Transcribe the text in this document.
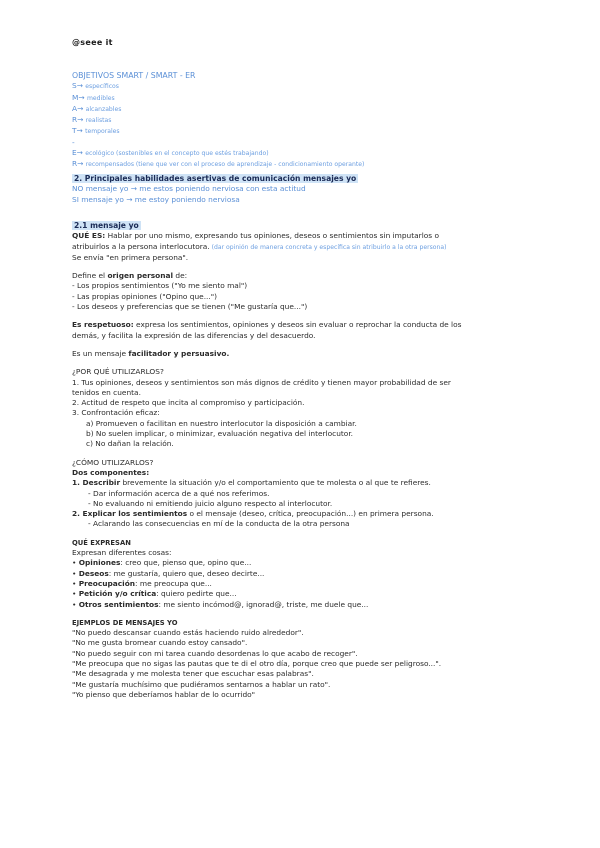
@seee it
OBJETIVOS SMART / SMART - ER
S→ específicos
M→ medibles
A→ alcanzables
R→ realistas
T→ temporales
-
E→ ecológico (sostenibles en el concepto que estés trabajando)
R→ recompensados (tiene que ver con el proceso de aprendizaje - condicionamiento operante)
2. Principales habilidades asertivas de comunicación mensajes yo
NO mensaje yo → me estos poniendo nerviosa con esta actitud
SI mensaje yo → me estoy poniendo nerviosa
2.1 mensaje yo
QUÉ ES: Hablar por uno mismo, expresando tus opiniones, deseos o sentimientos sin imputarlos o
atribuirlos a la persona interlocutora. (dar opinión de manera concreta y específica sin atribuirlo a la otra persona)
Se envía "en primera persona".
Define el origen personal de:
- Los propios sentimientos ("Yo me siento mal")
- Las propias opiniones ("Opino que...")
- Los deseos y preferencias que se tienen ("Me gustaría que...")
Es respetuoso: expresa los sentimientos, opiniones y deseos sin evaluar o reprochar la conducta de los
demás, y facilita la expresión de las diferencias y del desacuerdo.
Es un mensaje facilitador y persuasivo.
¿POR QUÉ UTILIZARLOS?
1. Tus opiniones, deseos y sentimientos son más dignos de crédito y tienen mayor probabilidad de ser
tenidos en cuenta.
2. Actitud de respeto que incita al compromiso y participación.
3. Confrontación eficaz:
a) Promueven o facilitan en nuestro interlocutor la disposición a cambiar.
b) No suelen implicar, o minimizar, evaluación negativa del interlocutor.
c) No dañan la relación.
¿CÓMO UTILIZARLOS?
Dos componentes:
1. Describir brevemente la situación y/o el comportamiento que te molesta o al que te refieres.
- Dar información acerca de a qué nos referimos.
- No evaluando ni emitiendo juicio alguno respecto al interlocutor.
2. Explicar los sentimientos o el mensaje (deseo, crítica, preocupación...) en primera persona.
- Aclarando las consecuencias en mí de la conducta de la otra persona
QUÉ EXPRESAN
Expresan diferentes cosas:
• Opiniones: creo que, pienso que, opino que...
• Deseos: me gustaría, quiero que, deseo decirte...
• Preocupación: me preocupa que...
• Petición y/o crítica: quiero pedirte que...
• Otros sentimientos: me siento incómod@, ignorad@, triste, me duele que...
EJEMPLOS DE MENSAJES YO
"No puedo descansar cuando estás haciendo ruido alrededor".
"No me gusta bromear cuando estoy cansado".
"No puedo seguir con mi tarea cuando desordenas lo que acabo de recoger".
"Me preocupa que no sigas las pautas que te di el otro día, porque creo que puede ser peligroso...".
"Me desagrada y me molesta tener que escuchar esas palabras".
"Me gustaría muchísimo que pudiéramos sentarnos a hablar un rato".
"Yo pienso que deberíamos hablar de lo ocurrido"
